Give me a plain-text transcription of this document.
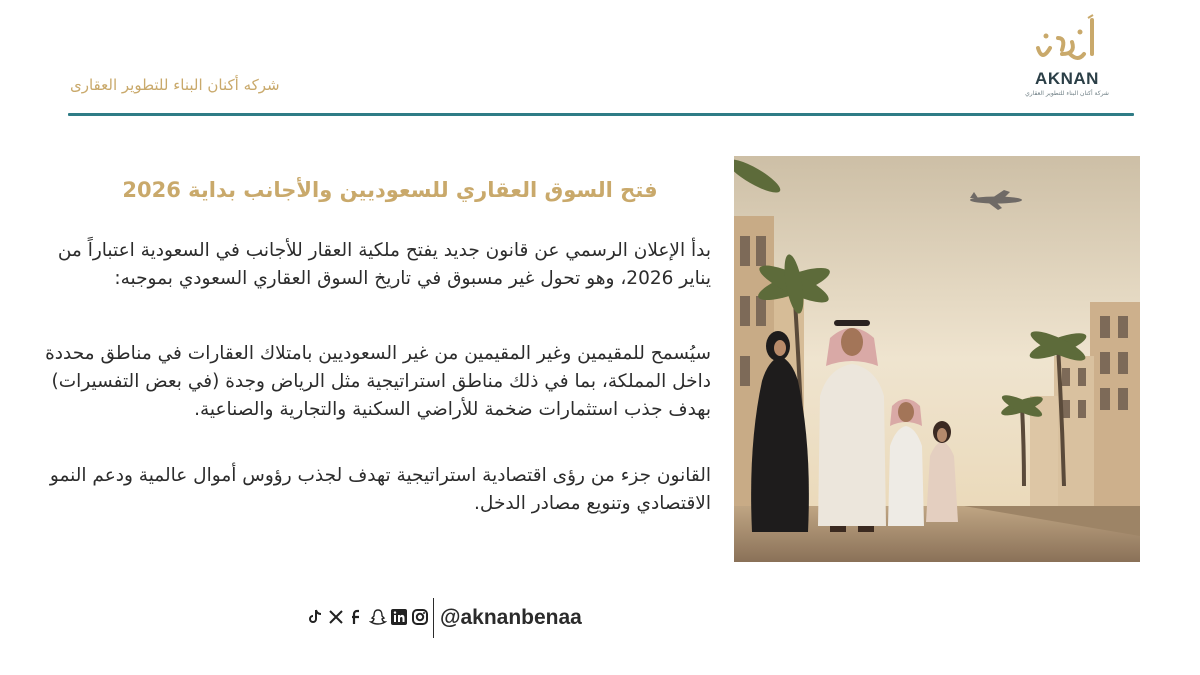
AKNAN
شركة أكنان البناء للتطوير العقاري
شركه أكنان البناء للتطوير العقارى
فتح السوق العقاري للسعوديين والأجانب بداية 2026
بدأ الإعلان الرسمي عن قانون جديد يفتح ملكية العقار للأجانب في السعودية اعتباراً من يناير 2026، وهو تحول غير مسبوق في تاريخ السوق العقاري السعودي بموجبه:
سيُسمح للمقيمين وغير المقيمين من غير السعوديين بامتلاك العقارات في مناطق محددة داخل المملكة، بما في ذلك مناطق استراتيجية مثل الرياض وجدة (في بعض التفسيرات) بهدف جذب استثمارات ضخمة للأراضي السكنية والتجارية والصناعية.
القانون جزء من رؤى اقتصادية استراتيجية تهدف لجذب رؤوس أموال عالمية ودعم النمو الاقتصادي وتنويع مصادر الدخل.
@aknanbenaa
